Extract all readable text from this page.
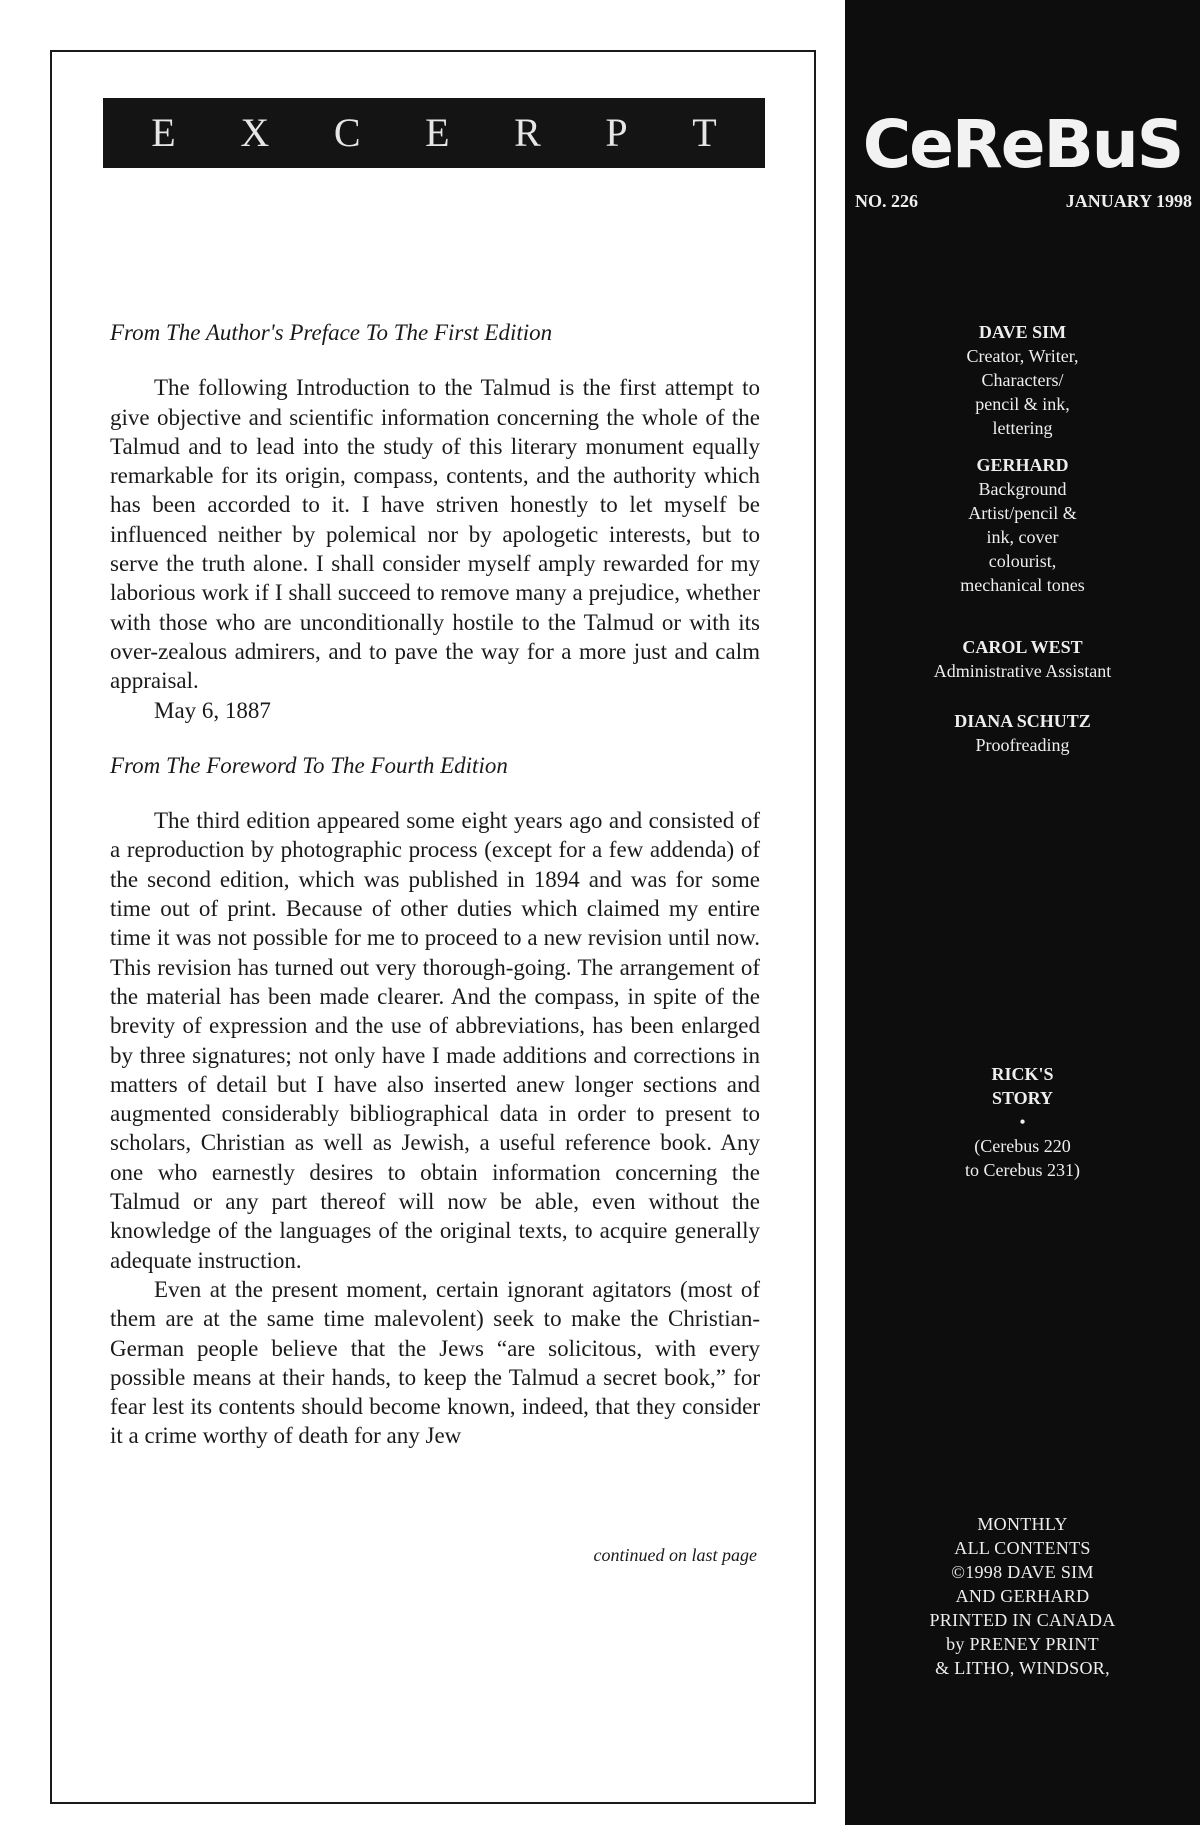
E X C E R P T

From The Author's Preface To The First Edition

The following Introduction to the Talmud is the first attempt to give objective and scientific information concerning the whole of the Talmud and to lead into the study of this literary monument equally remarkable for its origin, compass, contents, and the authority which has been accorded to it. I have striven honestly to let myself be influenced neither by polemical nor by apologetic interests, but to serve the truth alone. I shall consider myself amply rewarded for my laborious work if I shall succeed to remove many a prejudice, whether with those who are unconditionally hostile to the Talmud or with its over-zealous admirers, and to pave the way for a more just and calm appraisal.

May 6, 1887

From The Foreword To The Fourth Edition

The third edition appeared some eight years ago and consisted of a reproduction by photographic process (except for a few addenda) of the second edition, which was published in 1894 and was for some time out of print. Because of other duties which claimed my entire time it was not possible for me to proceed to a new revision until now. This revision has turned out very thorough-going. The arrangement of the material has been made clearer. And the compass, in spite of the brevity of expression and the use of abbreviations, has been enlarged by three signatures; not only have I made additions and corrections in matters of detail but I have also inserted anew longer sections and augmented considerably bibliographical data in order to present to scholars, Christian as well as Jewish, a useful reference book. Any one who earnestly desires to obtain information concerning the Talmud or any part thereof will now be able, even without the knowledge of the languages of the original texts, to acquire generally adequate instruction.

Even at the present moment, certain ignorant agitators (most of them are at the same time malevolent) seek to make the Christian-German people believe that the Jews “are solicitous, with every possible means at their hands, to keep the Talmud a secret book,” for fear lest its contents should become known, indeed, that they consider it a crime worthy of death for any Jew

continued on last page
CeReBuS
NO. 226	JANUARY 1998
DAVE SIM
Creator, Writer,
Characters/
pencil & ink,
lettering
GERHARD
Background
Artist/pencil &
ink, cover
colourist,
mechanical tones
CAROL WEST
Administrative Assistant
DIANA SCHUTZ
Proofreading
RICK'S
STORY
•
(Cerebus 220
to Cerebus 231)
MONTHLY
ALL CONTENTS
©1998 DAVE SIM
AND GERHARD
PRINTED IN CANADA
by PRENEY PRINT
& LITHO, WINDSOR,
